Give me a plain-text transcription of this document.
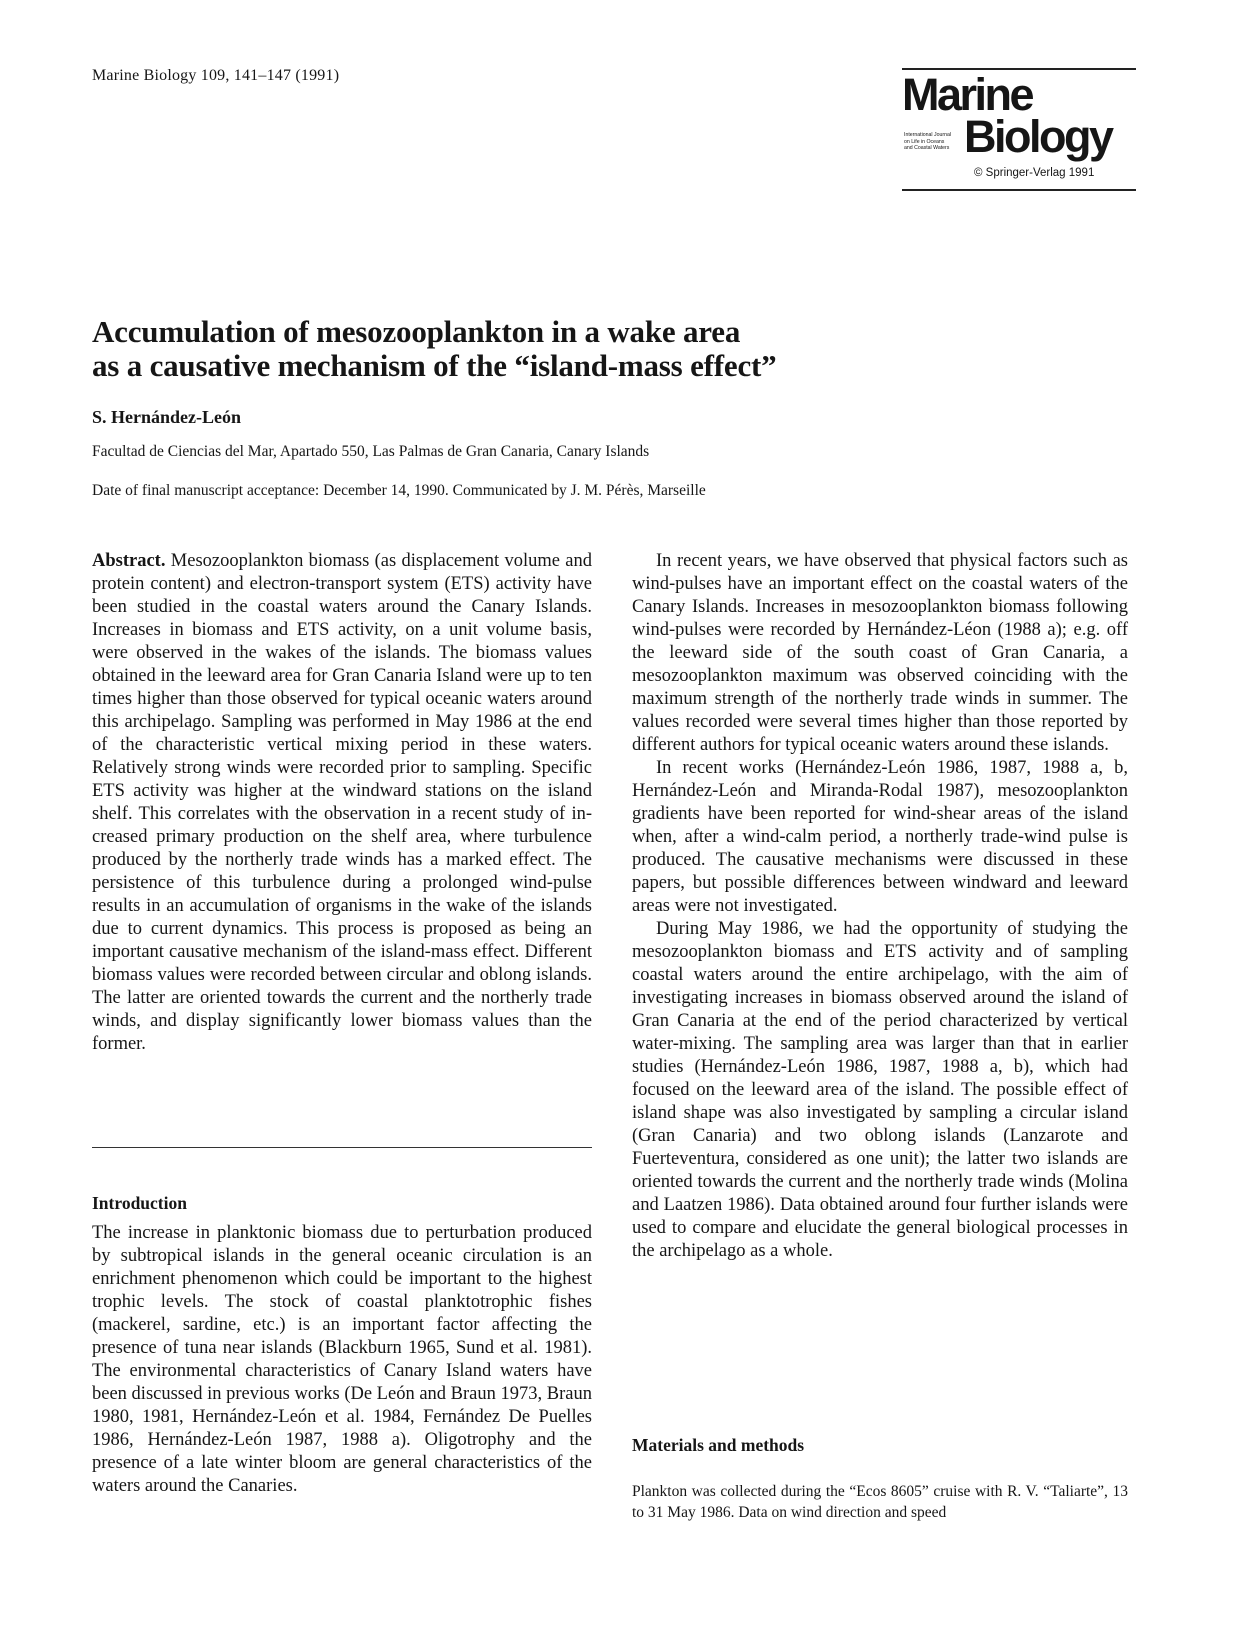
Marine Biology 109, 141–147 (1991)	Marine
International Journal
on Life in Oceans
and Coastal Waters Biology
© Springer-Verlag 1991
Accumulation of mesozooplankton in a wake area
as a causative mechanism of the “island-mass effect”
S. Hernández-León
Facultad de Ciencias del Mar, Apartado 550, Las Palmas de Gran Canaria, Canary Islands
Date of final manuscript acceptance: December 14, 1990. Communicated by J. M. Pérès, Marseille

Abstract. Mesozooplankton biomass (as displacement volume and protein content) and electron-transport system (ETS) activity have been studied in the coastal waters around the Canary Islands. Increases in biomass and ETS activity, on a unit volume basis, were observed in the wakes of the islands. The biomass values obtained in the leeward area for Gran Canaria Island were up to ten times higher than those observed for typical oceanic waters around this archipelago. Sampling was performed in May 1986 at the end of the characteristic vertical mixing period in these waters. Relatively strong winds were recorded prior to sampling. Specific ETS activity was higher at the windward stations on the island shelf. This correlates with the observation in a recent study of increased primary production on the shelf area, where turbulence produced by the northerly trade winds has a marked effect. The persistence of this turbulence during a prolonged wind-pulse results in an accumulation of organisms in the wake of the islands due to current dynamics. This process is proposed as being an important causative mechanism of the island-mass effect. Different biomass values were recorded between circular and oblong islands. The latter are oriented towards the current and the northerly trade winds, and display significantly lower biomass values than the former.

Introduction

The increase in planktonic biomass due to perturbation produced by subtropical islands in the general oceanic circulation is an enrichment phenomenon which could be important to the highest trophic levels. The stock of coastal planktotrophic fishes (mackerel, sardine, etc.) is an important factor affecting the presence of tuna near islands (Blackburn 1965, Sund et al. 1981). The environmental characteristics of Canary Island waters have been discussed in previous works (De León and Braun 1973, Braun 1980, 1981, Hernández-León et al. 1984, Fernández De Puelles 1986, Hernández-León 1987, 1988 a). Oligotrophy and the presence of a late winter bloom are general characteristics of the waters around the Canaries.

In recent years, we have observed that physical factors such as wind-pulses have an important effect on the coastal waters of the Canary Islands. Increases in mesozooplankton biomass following wind-pulses were recorded by Hernández-Léon (1988 a); e.g. off the leeward side of the south coast of Gran Canaria, a mesozooplankton maximum was observed coinciding with the maximum strength of the northerly trade winds in summer. The values recorded were several times higher than those reported by different authors for typical oceanic waters around these islands.

In recent works (Hernández-León 1986, 1987, 1988 a, b, Hernández-León and Miranda-Rodal 1987), mesozooplankton gradients have been reported for wind-shear areas of the island when, after a wind-calm period, a northerly trade-wind pulse is produced. The causative mechanisms were discussed in these papers, but possible differences between windward and leeward areas were not investigated.

During May 1986, we had the opportunity of studying the mesozooplankton biomass and ETS activity and of sampling coastal waters around the entire archipelago, with the aim of investigating increases in biomass observed around the island of Gran Canaria at the end of the period characterized by vertical water-mixing. The sampling area was larger than that in earlier studies (Hernández-León 1986, 1987, 1988 a, b), which had focused on the leeward area of the island. The possible effect of island shape was also investigated by sampling a circular island (Gran Canaria) and two oblong islands (Lanzarote and Fuerteventura, considered as one unit); the latter two islands are oriented towards the current and the northerly trade winds (Molina and Laatzen 1986). Data obtained around four further islands were used to compare and elucidate the general biological processes in the archipelago as a whole.

Materials and methods

Plankton was collected during the “Ecos 8605” cruise with R. V. “Taliarte”, 13 to 31 May 1986. Data on wind direction and speed
